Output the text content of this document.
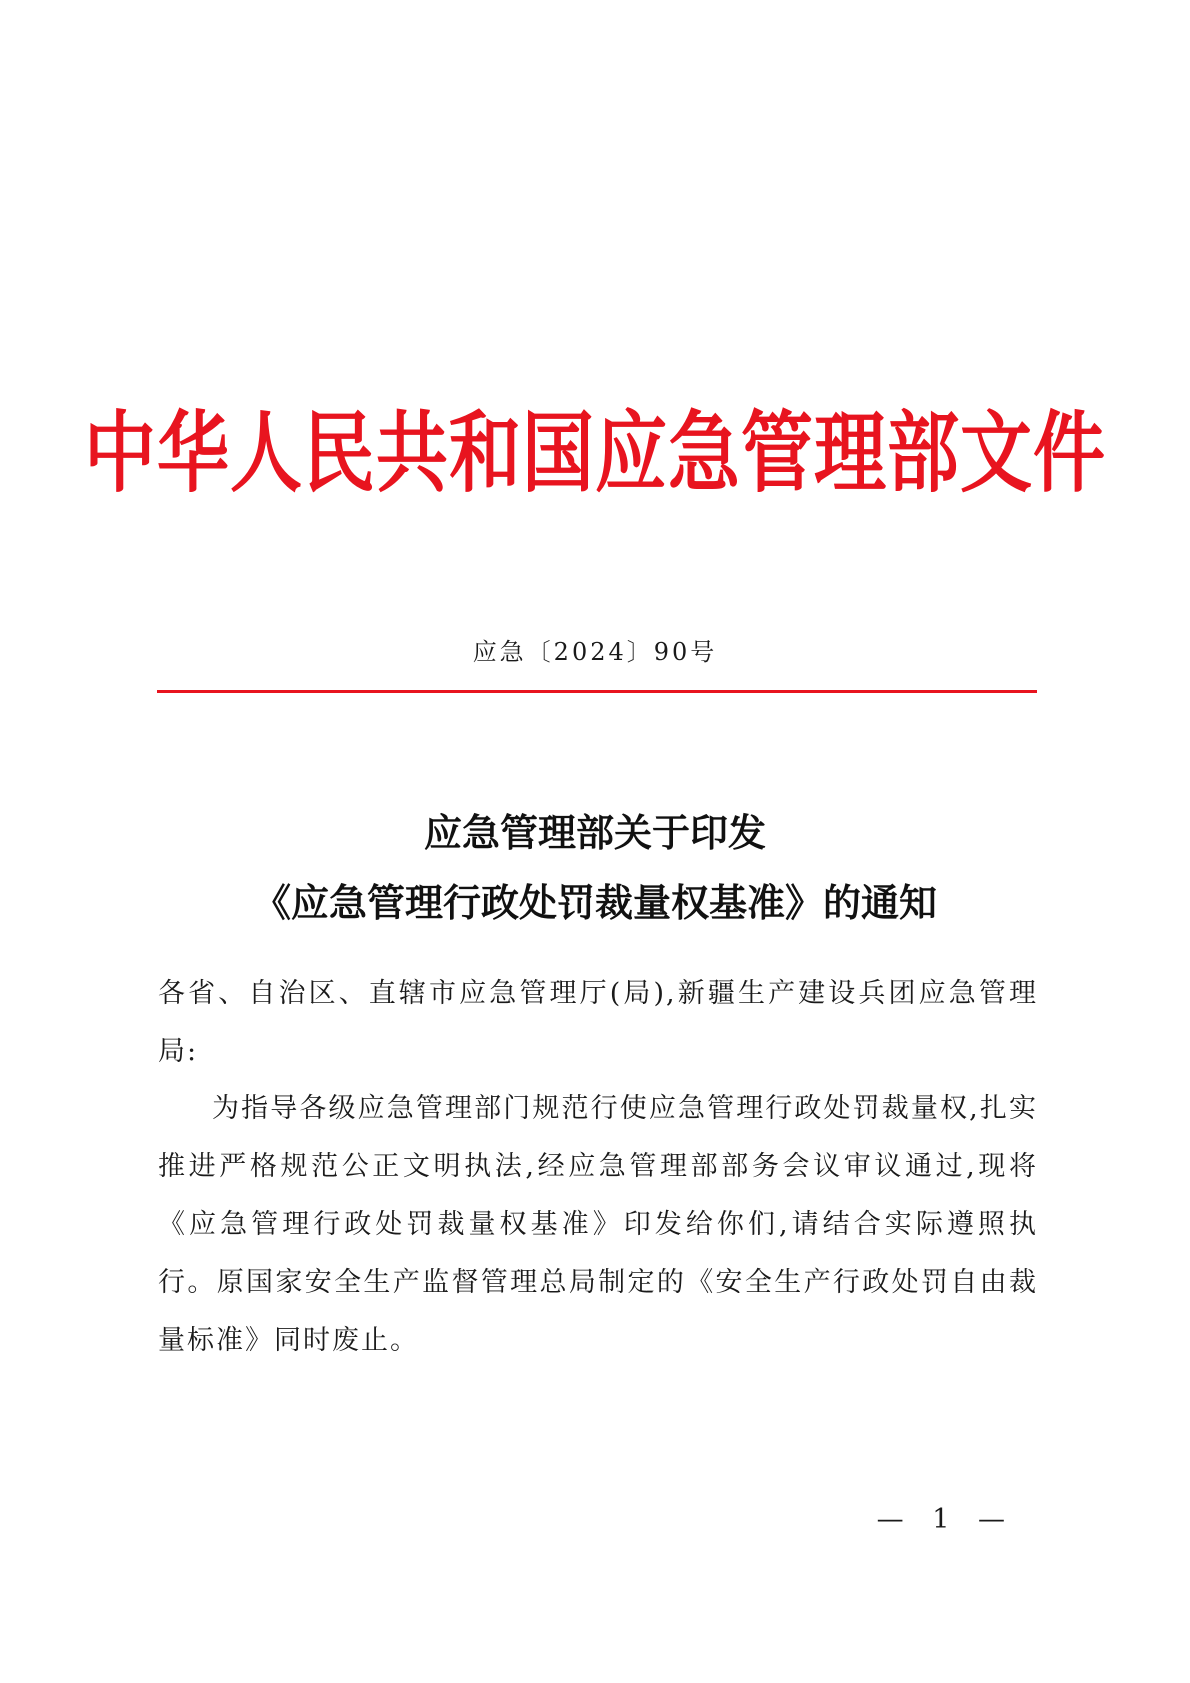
中华人民共和国应急管理部文件
应急〔2024〕90号
应急管理部关于印发
《应急管理行政处罚裁量权基准》的通知
各省、自治区、直辖市应急管理厅(局),新疆生产建设兵团应急管理局:
为指导各级应急管理部门规范行使应急管理行政处罚裁量权,扎实推进严格规范公正文明执法,经应急管理部部务会议审议通过,现将《应急管理行政处罚裁量权基准》印发给你们,请结合实际遵照执行。原国家安全生产监督管理总局制定的《安全生产行政处罚自由裁量标准》同时废止。
— 1 —
